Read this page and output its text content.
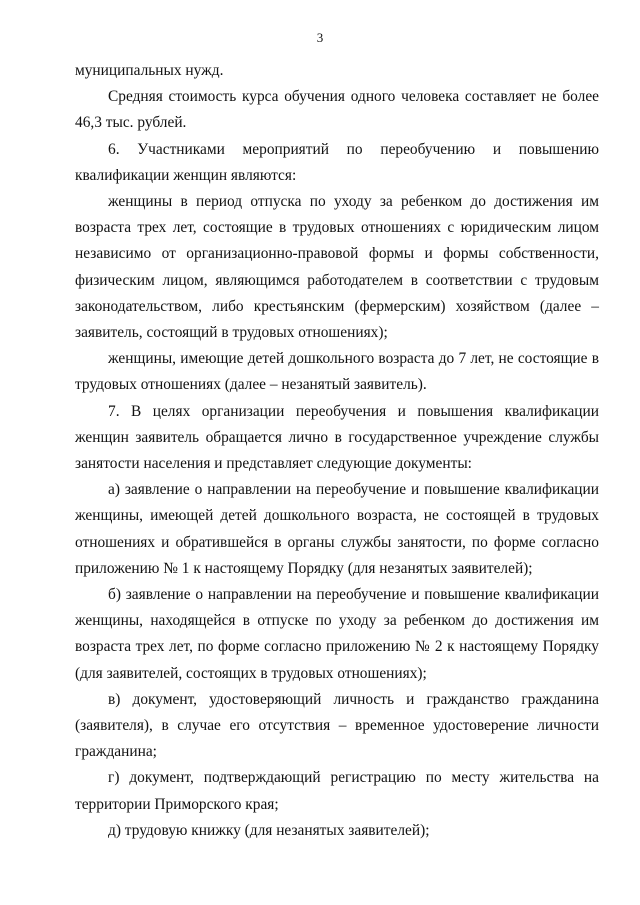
3

муниципальных нужд.

Средняя стоимость курса обучения одного человека составляет не более 46,3 тыс. рублей.

6. Участниками мероприятий по переобучению и повышению квалификации женщин являются:

женщины в период отпуска по уходу за ребенком до достижения им возраста трех лет, состоящие в трудовых отношениях с юридическим лицом независимо от организационно-правовой формы и формы собственности, физическим лицом, являющимся работодателем в соответствии с трудовым законодательством, либо крестьянским (фермерским) хозяйством (далее – заявитель, состоящий в трудовых отношениях);

женщины, имеющие детей дошкольного возраста до 7 лет, не состоящие в трудовых отношениях (далее – незанятый заявитель).

7. В целях организации переобучения и повышения квалификации женщин заявитель обращается лично в государственное учреждение службы занятости населения и представляет следующие документы:

а) заявление о направлении на переобучение и повышение квалификации женщины, имеющей детей дошкольного возраста, не состоящей в трудовых отношениях и обратившейся в органы службы занятости, по форме согласно приложению № 1 к настоящему Порядку (для незанятых заявителей);

б) заявление о направлении на переобучение и повышение квалификации женщины, находящейся в отпуске по уходу за ребенком до достижения им возраста трех лет, по форме согласно приложению № 2 к настоящему Порядку (для заявителей, состоящих в трудовых отношениях);

в) документ, удостоверяющий личность и гражданство гражданина (заявителя), в случае его отсутствия – временное удостоверение личности гражданина;

г) документ, подтверждающий регистрацию по месту жительства на территории Приморского края;

д) трудовую книжку (для незанятых заявителей);
